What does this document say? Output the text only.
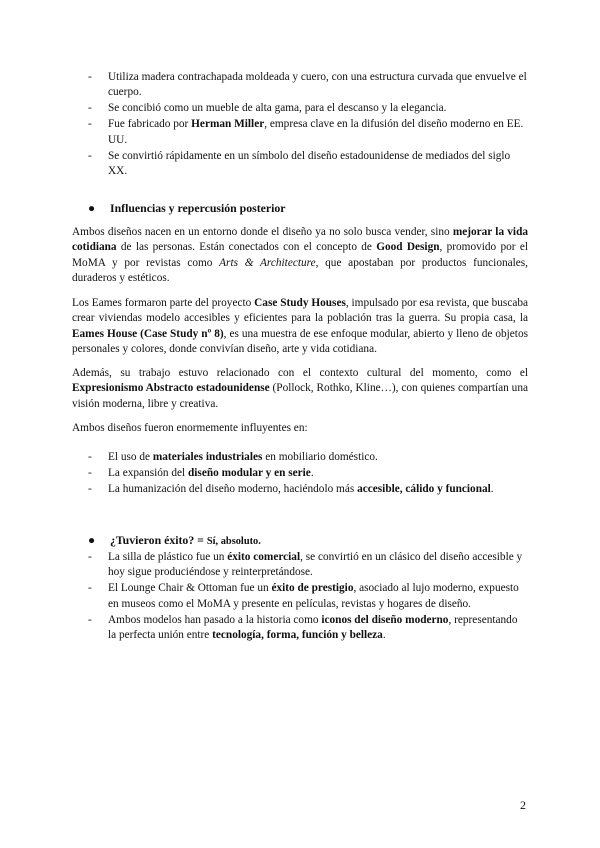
- Utiliza madera contrachapada moldeada y cuero, con una estructura curvada que envuelve el cuerpo.
- Se concibió como un mueble de alta gama, para el descanso y la elegancia.
- Fue fabricado por Herman Miller, empresa clave en la difusión del diseño moderno en EE. UU.
- Se convirtió rápidamente en un símbolo del diseño estadounidense de mediados del siglo XX.
● Influencias y repercusión posterior

Ambos diseños nacen en un entorno donde el diseño ya no solo busca vender, sino mejorar la vida cotidiana de las personas. Están conectados con el concepto de Good Design, promovido por el MoMA y por revistas como Arts & Architecture, que apostaban por productos funcionales, duraderos y estéticos.

Los Eames formaron parte del proyecto Case Study Houses, impulsado por esa revista, que buscaba crear viviendas modelo accesibles y eficientes para la población tras la guerra. Su propia casa, la Eames House (Case Study nº 8), es una muestra de ese enfoque modular, abierto y lleno de objetos personales y colores, donde convivían diseño, arte y vida cotidiana.

Además, su trabajo estuvo relacionado con el contexto cultural del momento, como el Expresionismo Abstracto estadounidense (Pollock, Rothko, Kline…), con quienes compartían una visión moderna, libre y creativa.

Ambos diseños fueron enormemente influyentes en:

- El uso de materiales industriales en mobiliario doméstico.
- La expansión del diseño modular y en serie.
- La humanización del diseño moderno, haciéndolo más accesible, cálido y funcional.
● ¿Tuvieron éxito? = Sí, absoluto.
- La silla de plástico fue un éxito comercial, se convirtió en un clásico del diseño accesible y hoy sigue produciéndose y reinterpretándose.
- El Lounge Chair & Ottoman fue un éxito de prestigio, asociado al lujo moderno, expuesto en museos como el MoMA y presente en películas, revistas y hogares de diseño.
- Ambos modelos han pasado a la historia como iconos del diseño moderno, representando la perfecta unión entre tecnología, forma, función y belleza.
2
